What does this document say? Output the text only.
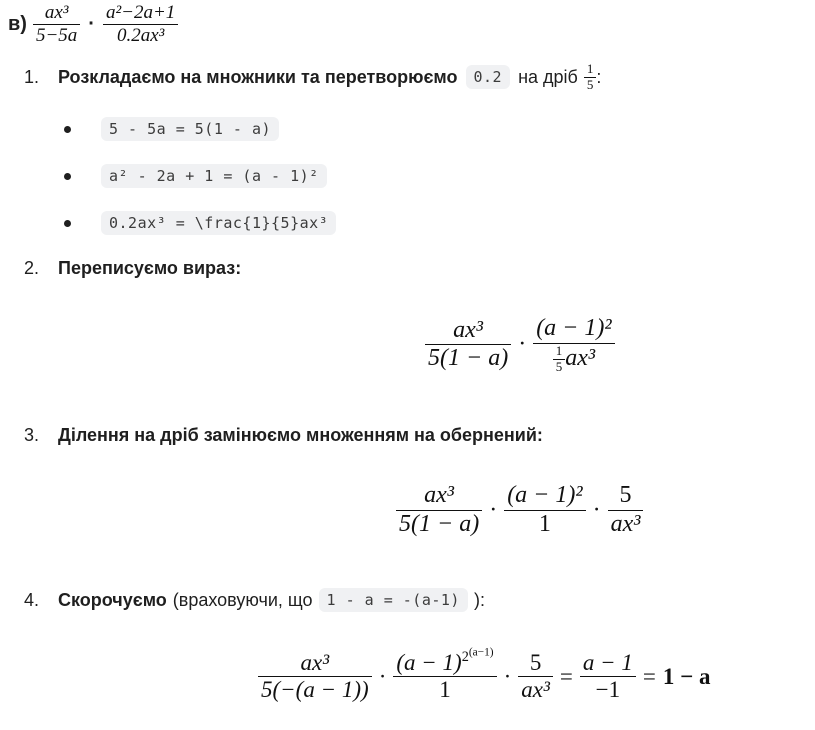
$в) \frac{\text{ax³}}{5-5a} \cdot \frac{\text{a²−2a+1}}{\text{0.2ax³}}$
1.	Розкладаємо на множники та перетворюємо	0.2 на дріб $\frac{1}{5}$ :
5 - 5a = 5(1 - a)
a² - 2a + 1 = (a - 1)²
0.2ax³ = \frac{1}{5}ax³
2.	Переписуємо вираз:
$\frac{\text{ax³}}{5(1 - a)} \cdot \frac{\text{(a − 1)²}}{\frac{1}{5} ax^3}$
3.	Ділення на дріб замінюємо множенням на обернений:
$\frac{\text{ax³}}{5(1 - a)} \cdot \frac{\text{(a − 1)²}}{1} \cdot \frac{5}{\text{ax³}}$
4.	Скорочуємо (враховуючи, що 1 - a = -(a-1) ):
$\frac{\text{ax³}}{5(-(a - 1))} \cdot \frac{(a - 1)^{2^{(a-1)}}}{1} \cdot \frac{5}{\text{ax³}} = \frac{a - 1}{-1} = 1 - a$
